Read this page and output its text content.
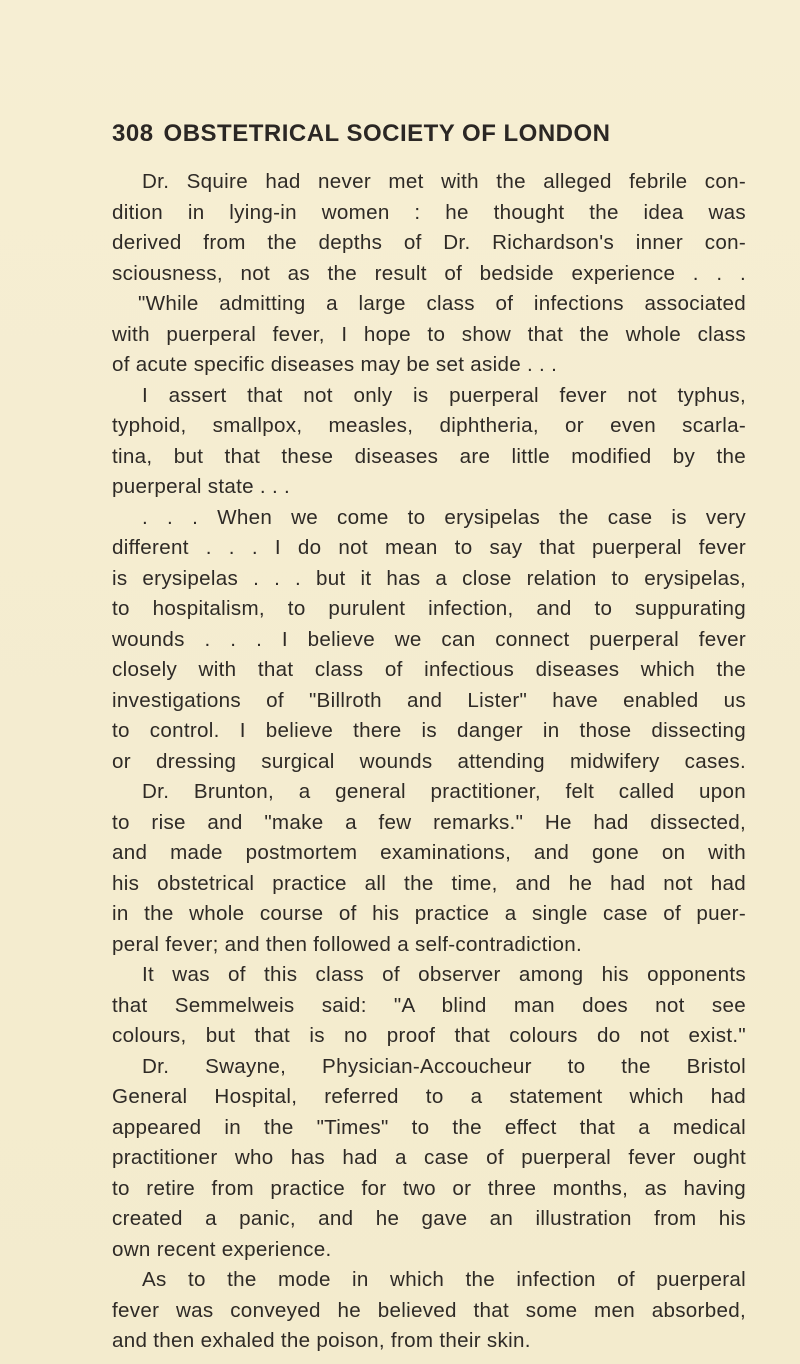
308 OBSTETRICAL SOCIETY OF LONDON
Dr. Squire had never met with the alleged febrile con-
dition in lying-in women : he thought the idea was
derived from the depths of Dr. Richardson's inner con-
sciousness, not as the result of bedside experience . . .
"While admitting a large class of infections associated
with puerperal fever, I hope to show that the whole class
of acute specific diseases may be set aside . . .
I assert that not only is puerperal fever not typhus,
typhoid, smallpox, measles, diphtheria, or even scarla-
tina, but that these diseases are little modified by the
puerperal state . . .
. . . When we come to erysipelas the case is very
different . . . I do not mean to say that puerperal fever
is erysipelas . . . but it has a close relation to erysipelas,
to hospitalism, to purulent infection, and to suppurating
wounds . . . I believe we can connect puerperal fever
closely with that class of infectious diseases which the
investigations of "Billroth and Lister" have enabled us
to control. I believe there is danger in those dissecting
or dressing surgical wounds attending midwifery cases.
Dr. Brunton, a general practitioner, felt called upon
to rise and "make a few remarks." He had dissected,
and made postmortem examinations, and gone on with
his obstetrical practice all the time, and he had not had
in the whole course of his practice a single case of puer-
peral fever; and then followed a self-contradiction.
It was of this class of observer among his opponents
that Semmelweis said: "A blind man does not see
colours, but that is no proof that colours do not exist."
Dr. Swayne, Physician-Accoucheur to the Bristol
General Hospital, referred to a statement which had
appeared in the "Times" to the effect that a medical
practitioner who has had a case of puerperal fever ought
to retire from practice for two or three months, as having
created a panic, and he gave an illustration from his
own recent experience.
As to the mode in which the infection of puerperal
fever was conveyed he believed that some men absorbed,
and then exhaled the poison, from their skin.
